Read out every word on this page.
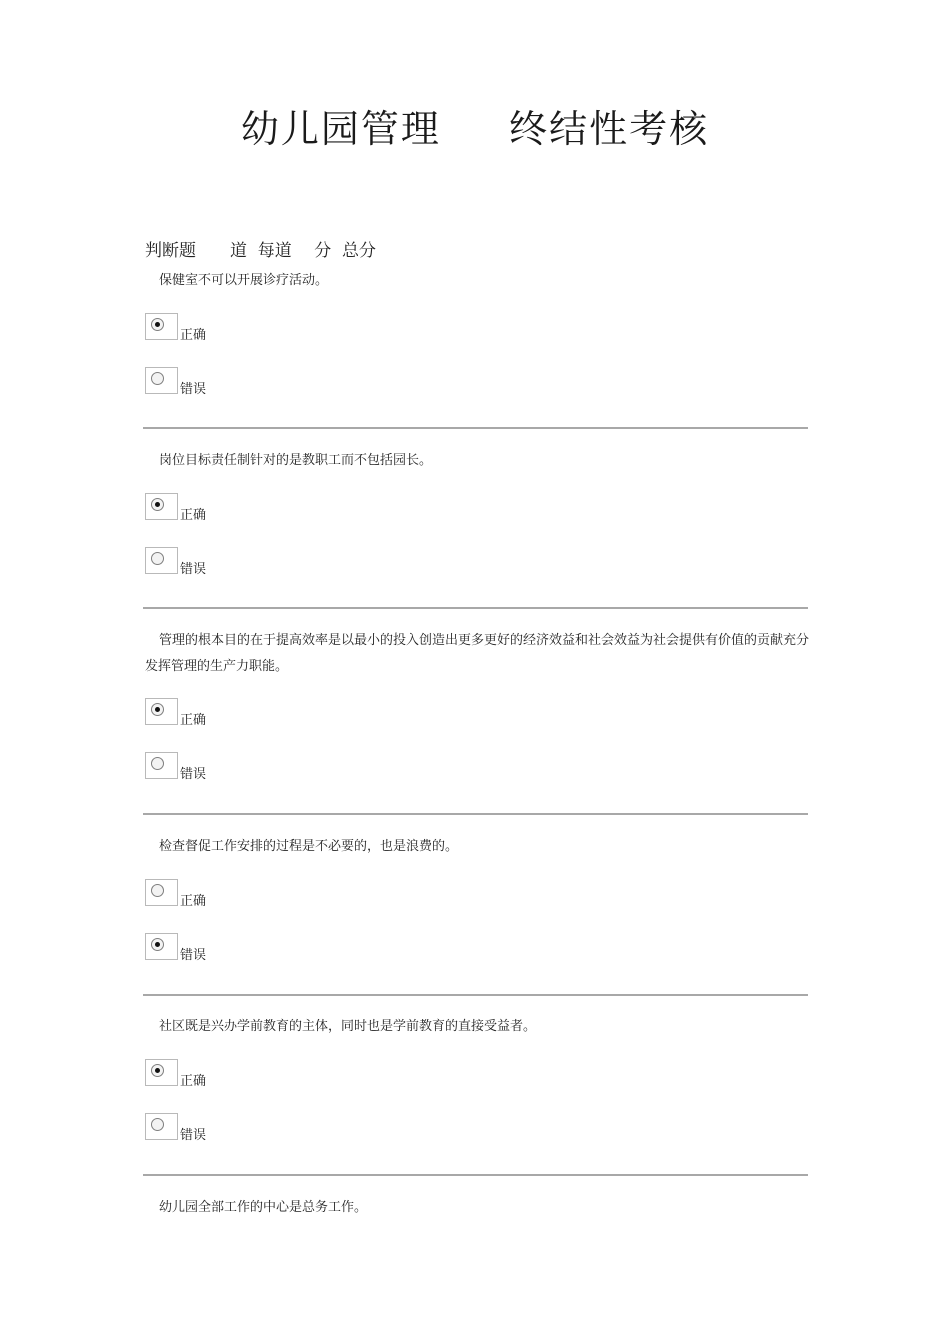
幼儿园管理 　 终结性考核
判断题　　道  每道 　分  总分

保健室不可以开展诊疗活动。

正确
错误

岗位目标责任制针对的是教职工而不包括园长。

正确
错误

管理的根本目的在于提高效率是以最小的投入创造出更多更好的经济效益和社会效益为社会提供有价值的贡献充分发挥管理的生产力职能。

正确
错误

检查督促工作安排的过程是不必要的，也是浪费的。

正确
错误

社区既是兴办学前教育的主体，同时也是学前教育的直接受益者。

正确
错误

幼儿园全部工作的中心是总务工作。
